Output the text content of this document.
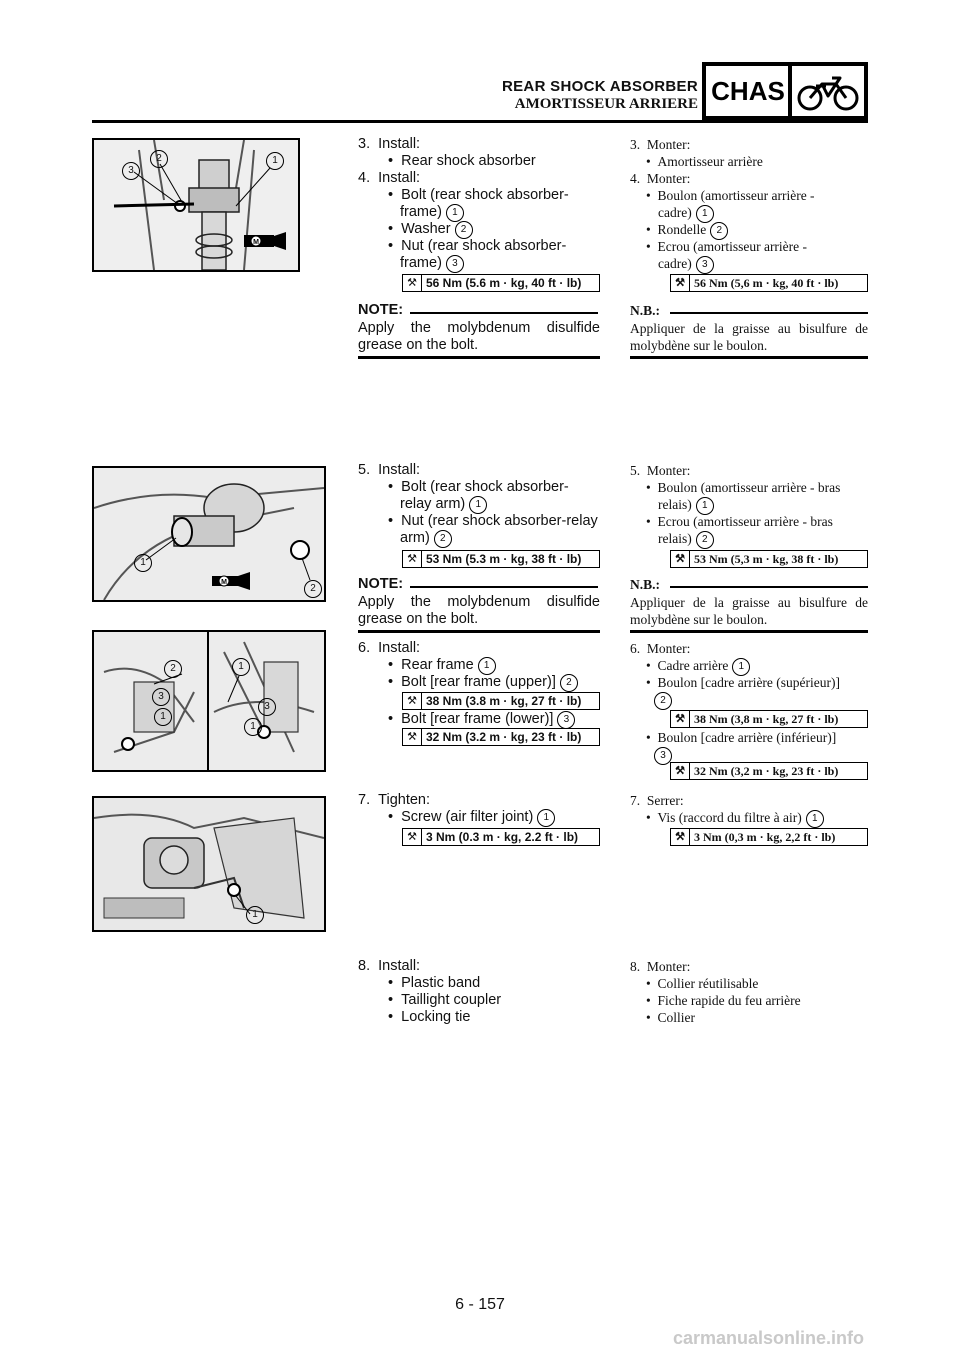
REAR SHOCK ABSORBER
AMORTISSEUR ARRIERE CHAS
M
1
2
3
3. Install:
•  Rear shock absorber
4. Install:
•  Bolt (rear shock absorber-
frame) 1
•  Washer 2
•  Nut (rear shock absorber-
frame) 3
⚒ 56 Nm (5.6 m · kg, 40 ft · lb)
NOTE:
Apply the molybdenum disulfide
grease on the bolt.
3. Monter:
•  Amortisseur arrière
4. Monter:
•  Boulon (amortisseur arrière -
cadre) 1
•  Rondelle 2
•  Ecrou (amortisseur arrière -
cadre) 3
⚒ 56 Nm (5,6 m · kg, 40 ft · lb)
N.B.:
Appliquer de la graisse au bisulfure de
molybdène sur le boulon.
M
1
2
5. Install:
•  Bolt (rear shock absorber-
relay arm) 1
•  Nut (rear shock absorber-relay
arm) 2
⚒ 53 Nm (5.3 m · kg, 38 ft · lb)
NOTE:
Apply the molybdenum disulfide
grease on the bolt.
5. Monter:
•  Boulon (amortisseur arrière - bras
relais) 1
•  Ecrou (amortisseur arrière - bras
relais) 2
⚒ 53 Nm (5,3 m · kg, 38 ft · lb)
N.B.:
Appliquer de la graisse au bisulfure de
molybdène sur le boulon.
2	1
3
3
1
1
6. Install:
•  Rear frame 1
•  Bolt [rear frame (upper)] 2
⚒ 38 Nm (3.8 m · kg, 27 ft · lb)
•  Bolt [rear frame (lower)] 3
⚒ 32 Nm (3.2 m · kg, 23 ft · lb)
6. Monter:
•  Cadre arrière 1
•  Boulon [cadre arrière (supérieur)]
2
⚒ 38 Nm (3,8 m · kg, 27 ft · lb)
•  Boulon [cadre arrière (inférieur)]
3
⚒ 32 Nm (3,2 m · kg, 23 ft · lb)
1
7. Tighten:
•  Screw (air filter joint) 1
⚒ 3 Nm (0.3 m · kg, 2.2 ft · lb)
7. Serrer:
•  Vis (raccord du filtre à air) 1
⚒ 3 Nm (0,3 m · kg, 2,2 ft · lb)
8. Install:
•  Plastic band
•  Taillight coupler
•  Locking tie
8. Monter:
•  Collier réutilisable
•  Fiche rapide du feu arrière
•  Collier
6 - 157
carmanualsonline.info
